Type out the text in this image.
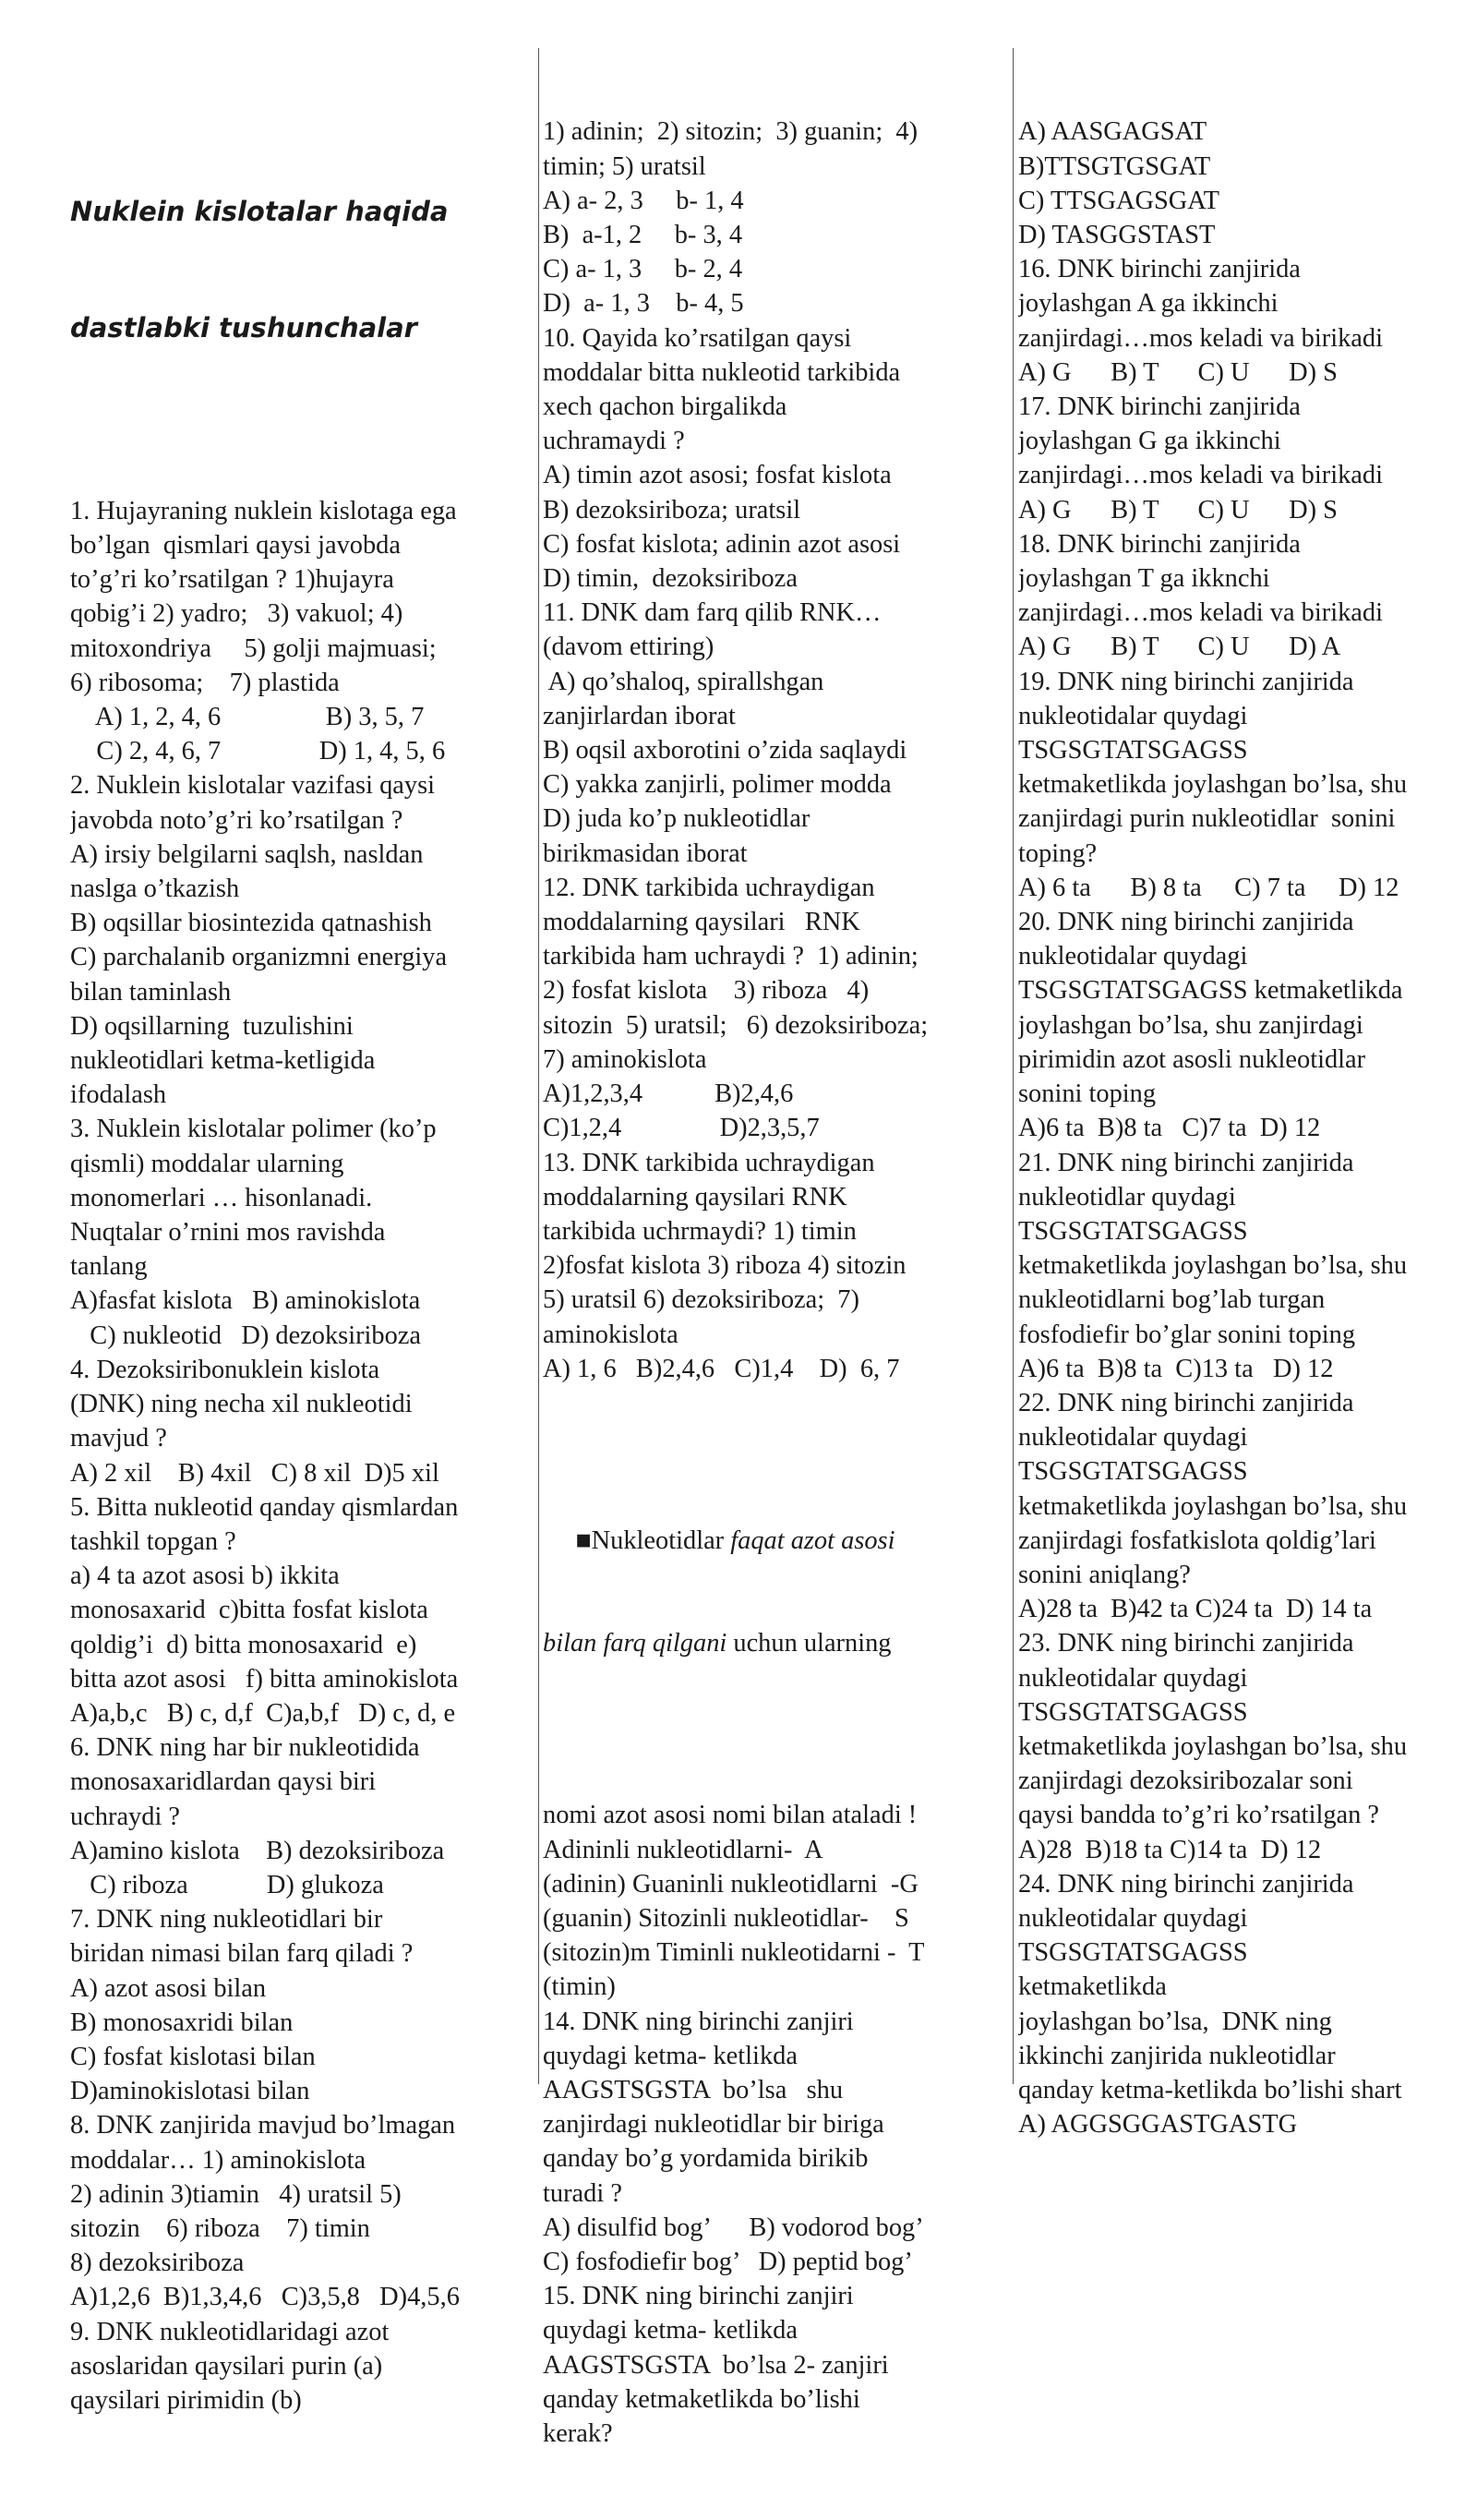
Nuklein kislotalar haqida

dastlabki tushunchalar

1. Hujayraning nuklein kislotaga ega
bo’lgan  qismlari qaysi javobda
to’g’ri ko’rsatilgan ? 1)hujayra
qobig’i 2) yadro;   3) vakuol; 4)
mitoxondriya     5) golji majmuasi;
6) ribosoma;    7) plastida
A) 1, 2, 4, 6                B) 3, 5, 7
C) 2, 4, 6, 7               D) 1, 4, 5, 6
2. Nuklein kislotalar vazifasi qaysi
javobda noto’g’ri ko’rsatilgan ?
A) irsiy belgilarni saqlsh, nasldan
naslga o’tkazish
B) oqsillar biosintezida qatnashish
C) parchalanib organizmni energiya
bilan taminlash
D) oqsillarning  tuzulishini
nukleotidlari ketma-ketligida
ifodalash
3. Nuklein kislotalar polimer (ko’p
qismli) moddalar ularning
monomerlari … hisonlanadi.
Nuqtalar o’rnini mos ravishda
tanlang
A)fasfat kislota   B) aminokislota
C) nukleotid   D) dezoksiriboza
4. Dezoksiribonuklein kislota
(DNK) ning necha xil nukleotidi
mavjud ?
A) 2 xil    B) 4xil   C) 8 xil  D)5 xil
5. Bitta nukleotid qanday qismlardan
tashkil topgan ?
a) 4 ta azot asosi b) ikkita
monosaxarid  c)bitta fosfat kislota
qoldig’i  d) bitta monosaxarid  e)
bitta azot asosi   f) bitta aminokislota
A)a,b,c   B) c, d,f  C)a,b,f   D) c, d, e
6. DNK ning har bir nukleotidida
monosaxaridlardan qaysi biri
uchraydi ?
A)amino kislota    B) dezoksiriboza
C) riboza            D) glukoza
7. DNK ning nukleotidlari bir
biridan nimasi bilan farq qiladi ?
A) azot asosi bilan
B) monosaxridi bilan
C) fosfat kislotasi bilan
D)aminokislotasi bilan
8. DNK zanjirida mavjud bo’lmagan
moddalar… 1) aminokislota
2) adinin 3)tiamin   4) uratsil 5)
sitozin    6) riboza    7) timin
8) dezoksiriboza
A)1,2,6  B)1,3,4,6   C)3,5,8   D)4,5,6
9. DNK nukleotidlaridagi azot
asoslaridan qaysilari purin (a)
qaysilari pirimidin (b)

1) adinin;  2) sitozin;  3) guanin;  4)
timin; 5) uratsil
A) a- 2, 3     b- 1, 4
B)  a-1, 2     b- 3, 4
C) a- 1, 3     b- 2, 4
D)  a- 1, 3    b- 4, 5
10. Qayida ko’rsatilgan qaysi
moddalar bitta nukleotid tarkibida
xech qachon birgalikda
uchramaydi ?
A) timin azot asosi; fosfat kislota
B) dezoksiriboza; uratsil
C) fosfat kislota; adinin azot asosi
D) timin,  dezoksiriboza
11. DNK dam farq qilib RNK…
(davom ettiring)
A) qo’shaloq, spirallshgan
zanjirlardan iborat
B) oqsil axborotini o’zida saqlaydi
C) yakka zanjirli, polimer modda
D) juda ko’p nukleotidlar
birikmasidan iborat
12. DNK tarkibida uchraydigan
moddalarning qaysilari   RNK
tarkibida ham uchraydi ?  1) adinin;
2) fosfat kislota    3) riboza   4)
sitozin  5) uratsil;   6) dezoksiriboza;
7) aminokislota
A)1,2,3,4           B)2,4,6
C)1,2,4               D)2,3,5,7
13. DNK tarkibida uchraydigan
moddalarning qaysilari RNK
tarkibida uchrmaydi? 1) timin
2)fosfat kislota 3) riboza 4) sitozin
5) uratsil 6) dezoksiriboza;  7)
aminokislota
A) 1, 6   B)2,4,6   C)1,4    D)  6, 7

■Nukleotidlar faqat azot asosi

bilan farq qilgani uchun ularning

nomi azot asosi nomi bilan ataladi !
Adininli nukleotidlarni-  A
(adinin) Guaninli nukleotidlarni  -G
(guanin) Sitozinli nukleotidlar-    S
(sitozin)m Timinli nukleotidarni -  T
(timin)
14. DNK ning birinchi zanjiri
quydagi ketma- ketlikda
AAGSTSGSTA  bo’lsa   shu
zanjirdagi nukleotidlar bir biriga
qanday bo’g yordamida birikib
turadi ?
A) disulfid bog’      B) vodorod bog’
C) fosfodiefir bog’   D) peptid bog’
15. DNK ning birinchi zanjiri
quydagi ketma- ketlikda
AAGSTSGSTA  bo’lsa 2- zanjiri
qanday ketmaketlikda bo’lishi
kerak?

A) AASGAGSAT
B)TTSGTGSGAT
C) TTSGAGSGAT
D) TASGGSTAST
16. DNK birinchi zanjirida
joylashgan A ga ikkinchi
zanjirdagi…mos keladi va birikadi
A) G      B) T      C) U      D) S
17. DNK birinchi zanjirida
joylashgan G ga ikkinchi
zanjirdagi…mos keladi va birikadi
A) G      B) T      C) U      D) S
18. DNK birinchi zanjirida
joylashgan T ga ikknchi
zanjirdagi…mos keladi va birikadi
A) G      B) T      C) U      D) A
19. DNK ning birinchi zanjirida
nukleotidalar quydagi
TSGSGTATSGAGSS
ketmaketlikda joylashgan bo’lsa, shu
zanjirdagi purin nukleotidlar  sonini
toping?
A) 6 ta      B) 8 ta     C) 7 ta     D) 12
20. DNK ning birinchi zanjirida
nukleotidalar quydagi
TSGSGTATSGAGSS ketmaketlikda
joylashgan bo’lsa, shu zanjirdagi
pirimidin azot asosli nukleotidlar
sonini toping
A)6 ta  B)8 ta   C)7 ta  D) 12
21. DNK ning birinchi zanjirida
nukleotidlar quydagi
TSGSGTATSGAGSS
ketmaketlikda joylashgan bo’lsa, shu
nukleotidlarni bog’lab turgan
fosfodiefir bo’glar sonini toping
A)6 ta  B)8 ta  C)13 ta   D) 12
22. DNK ning birinchi zanjirida
nukleotidalar quydagi
TSGSGTATSGAGSS
ketmaketlikda joylashgan bo’lsa, shu
zanjirdagi fosfatkislota qoldig’lari
sonini aniqlang?
A)28 ta  B)42 ta C)24 ta  D) 14 ta
23. DNK ning birinchi zanjirida
nukleotidalar quydagi
TSGSGTATSGAGSS
ketmaketlikda joylashgan bo’lsa, shu
zanjirdagi dezoksiribozalar soni
qaysi bandda to’g’ri ko’rsatilgan ?
A)28  B)18 ta C)14 ta  D) 12
24. DNK ning birinchi zanjirida
nukleotidalar quydagi
TSGSGTATSGAGSS
ketmaketlikda
joylashgan bo’lsa,  DNK ning
ikkinchi zanjirida nukleotidlar
qanday ketma-ketlikda bo’lishi shart
A) AGGSGGASTGASTG
